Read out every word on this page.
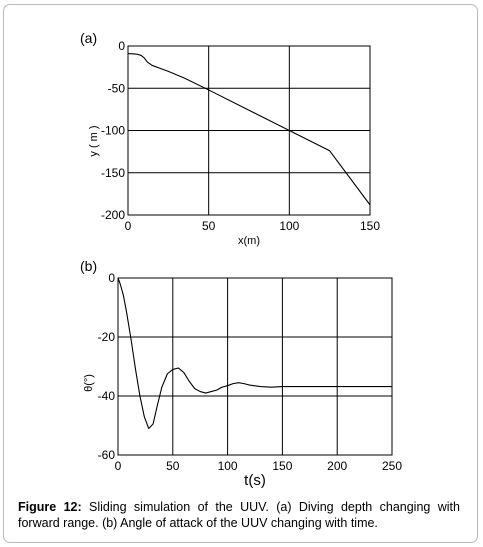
0	50	100	150
0
-50
-100
-150
-200
(a)
x(m)
y ( m )
0	50	100	150	200	250
0
-20
-40
-60
(b)
t(s)
θ(°)
Figure 12: Sliding simulation of the UUV. (a) Diving depth changing with forward range. (b) Angle of attack of the UUV changing with time.
